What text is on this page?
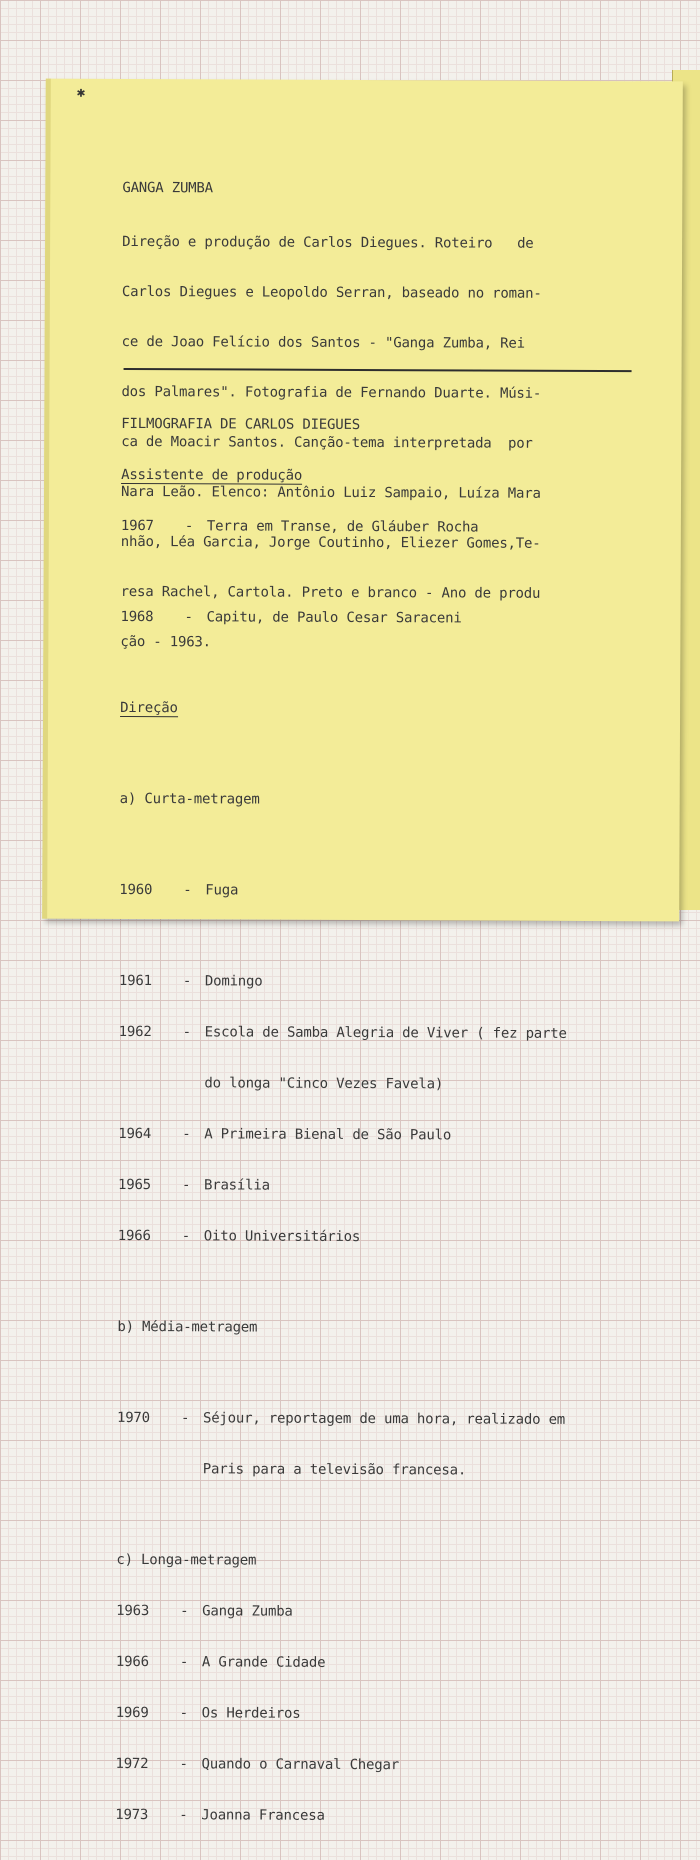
✱
GANGA ZUMBA

Direção e produção de Carlos Diegues. Roteiro   de

Carlos Diegues e Leopoldo Serran, baseado no roman-

ce de Joao Felício dos Santos - "Ganga Zumba, Rei

dos Palmares". Fotografia de Fernando Duarte. Músi-

ca de Moacir Santos. Canção-tema interpretada  por

Nara Leão. Elenco: Antônio Luiz Sampaio, Luíza Mara

nhão, Léa Garcia, Jorge Coutinho, Eliezer Gomes,Te-

resa Rachel, Cartola. Preto e branco - Ano de produ

ção - 1963.

FILMOGRAFIA DE CARLOS DIEGUES

Assistente de produção

1967	- Terra em Transe, de Gláuber Rocha

1968	- Capitu, de Paulo Cesar Saraceni

Direção

a) Curta-metragem

1960	- Fuga

1961	- Domingo

1962	- Escola de Samba Alegria de Viver ( fez parte

do longa "Cinco Vezes Favela)

1964	- A Primeira Bienal de São Paulo

1965	- Brasília

1966	- Oito Universitários

b) Média-metragem

1970	- Séjour, reportagem de uma hora, realizado em

Paris para a televisão francesa.

c) Longa-metragem

1963	- Ganga Zumba

1966	- A Grande Cidade

1969	- Os Herdeiros

1972	- Quando o Carnaval Chegar

1973	- Joanna Francesa
